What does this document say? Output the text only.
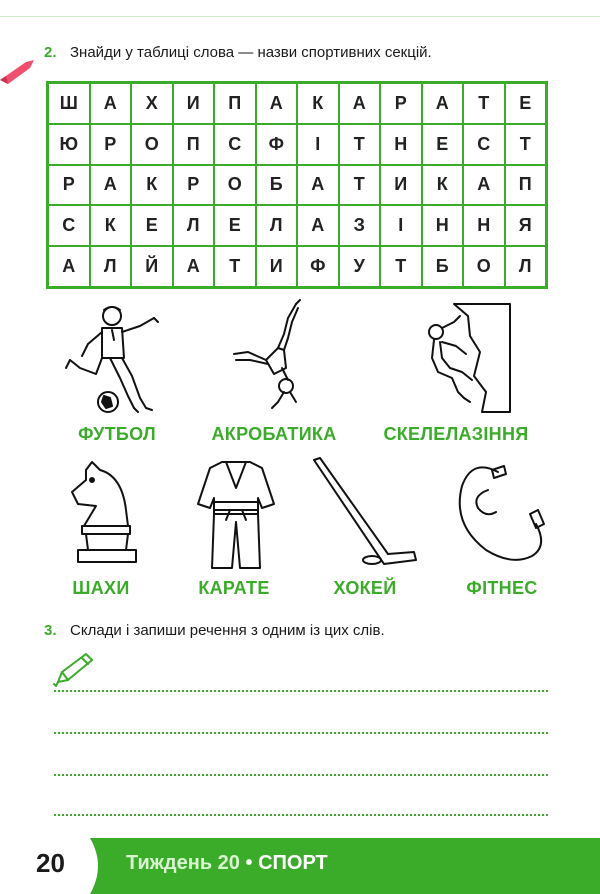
2. Знайди у таблиці слова — назви спортивних секцій.
Ш	А	Х	И	П	А	К	А	Р	А	Т	Е
Ю	Р	О	П	С	Ф	І	Т	Н	Е	С	Т
Р	А	К	Р	О	Б	А	Т	И	К	А	П
С	К	Е	Л	Е	Л	А	З	І	Н	Н	Я
А	Л	Й	А	Т	И	Ф	У	Т	Б	О	Л
ФУТБОЛ	АКРОБАТИКА	СКЕЛЕЛАЗІННЯ
ШАХИ	КАРАТЕ	ХОКЕЙ	ФІТНЕС
3. Склади і запиши речення з одним із цих слів.
20	Тиждень 20 • СПОРТ
